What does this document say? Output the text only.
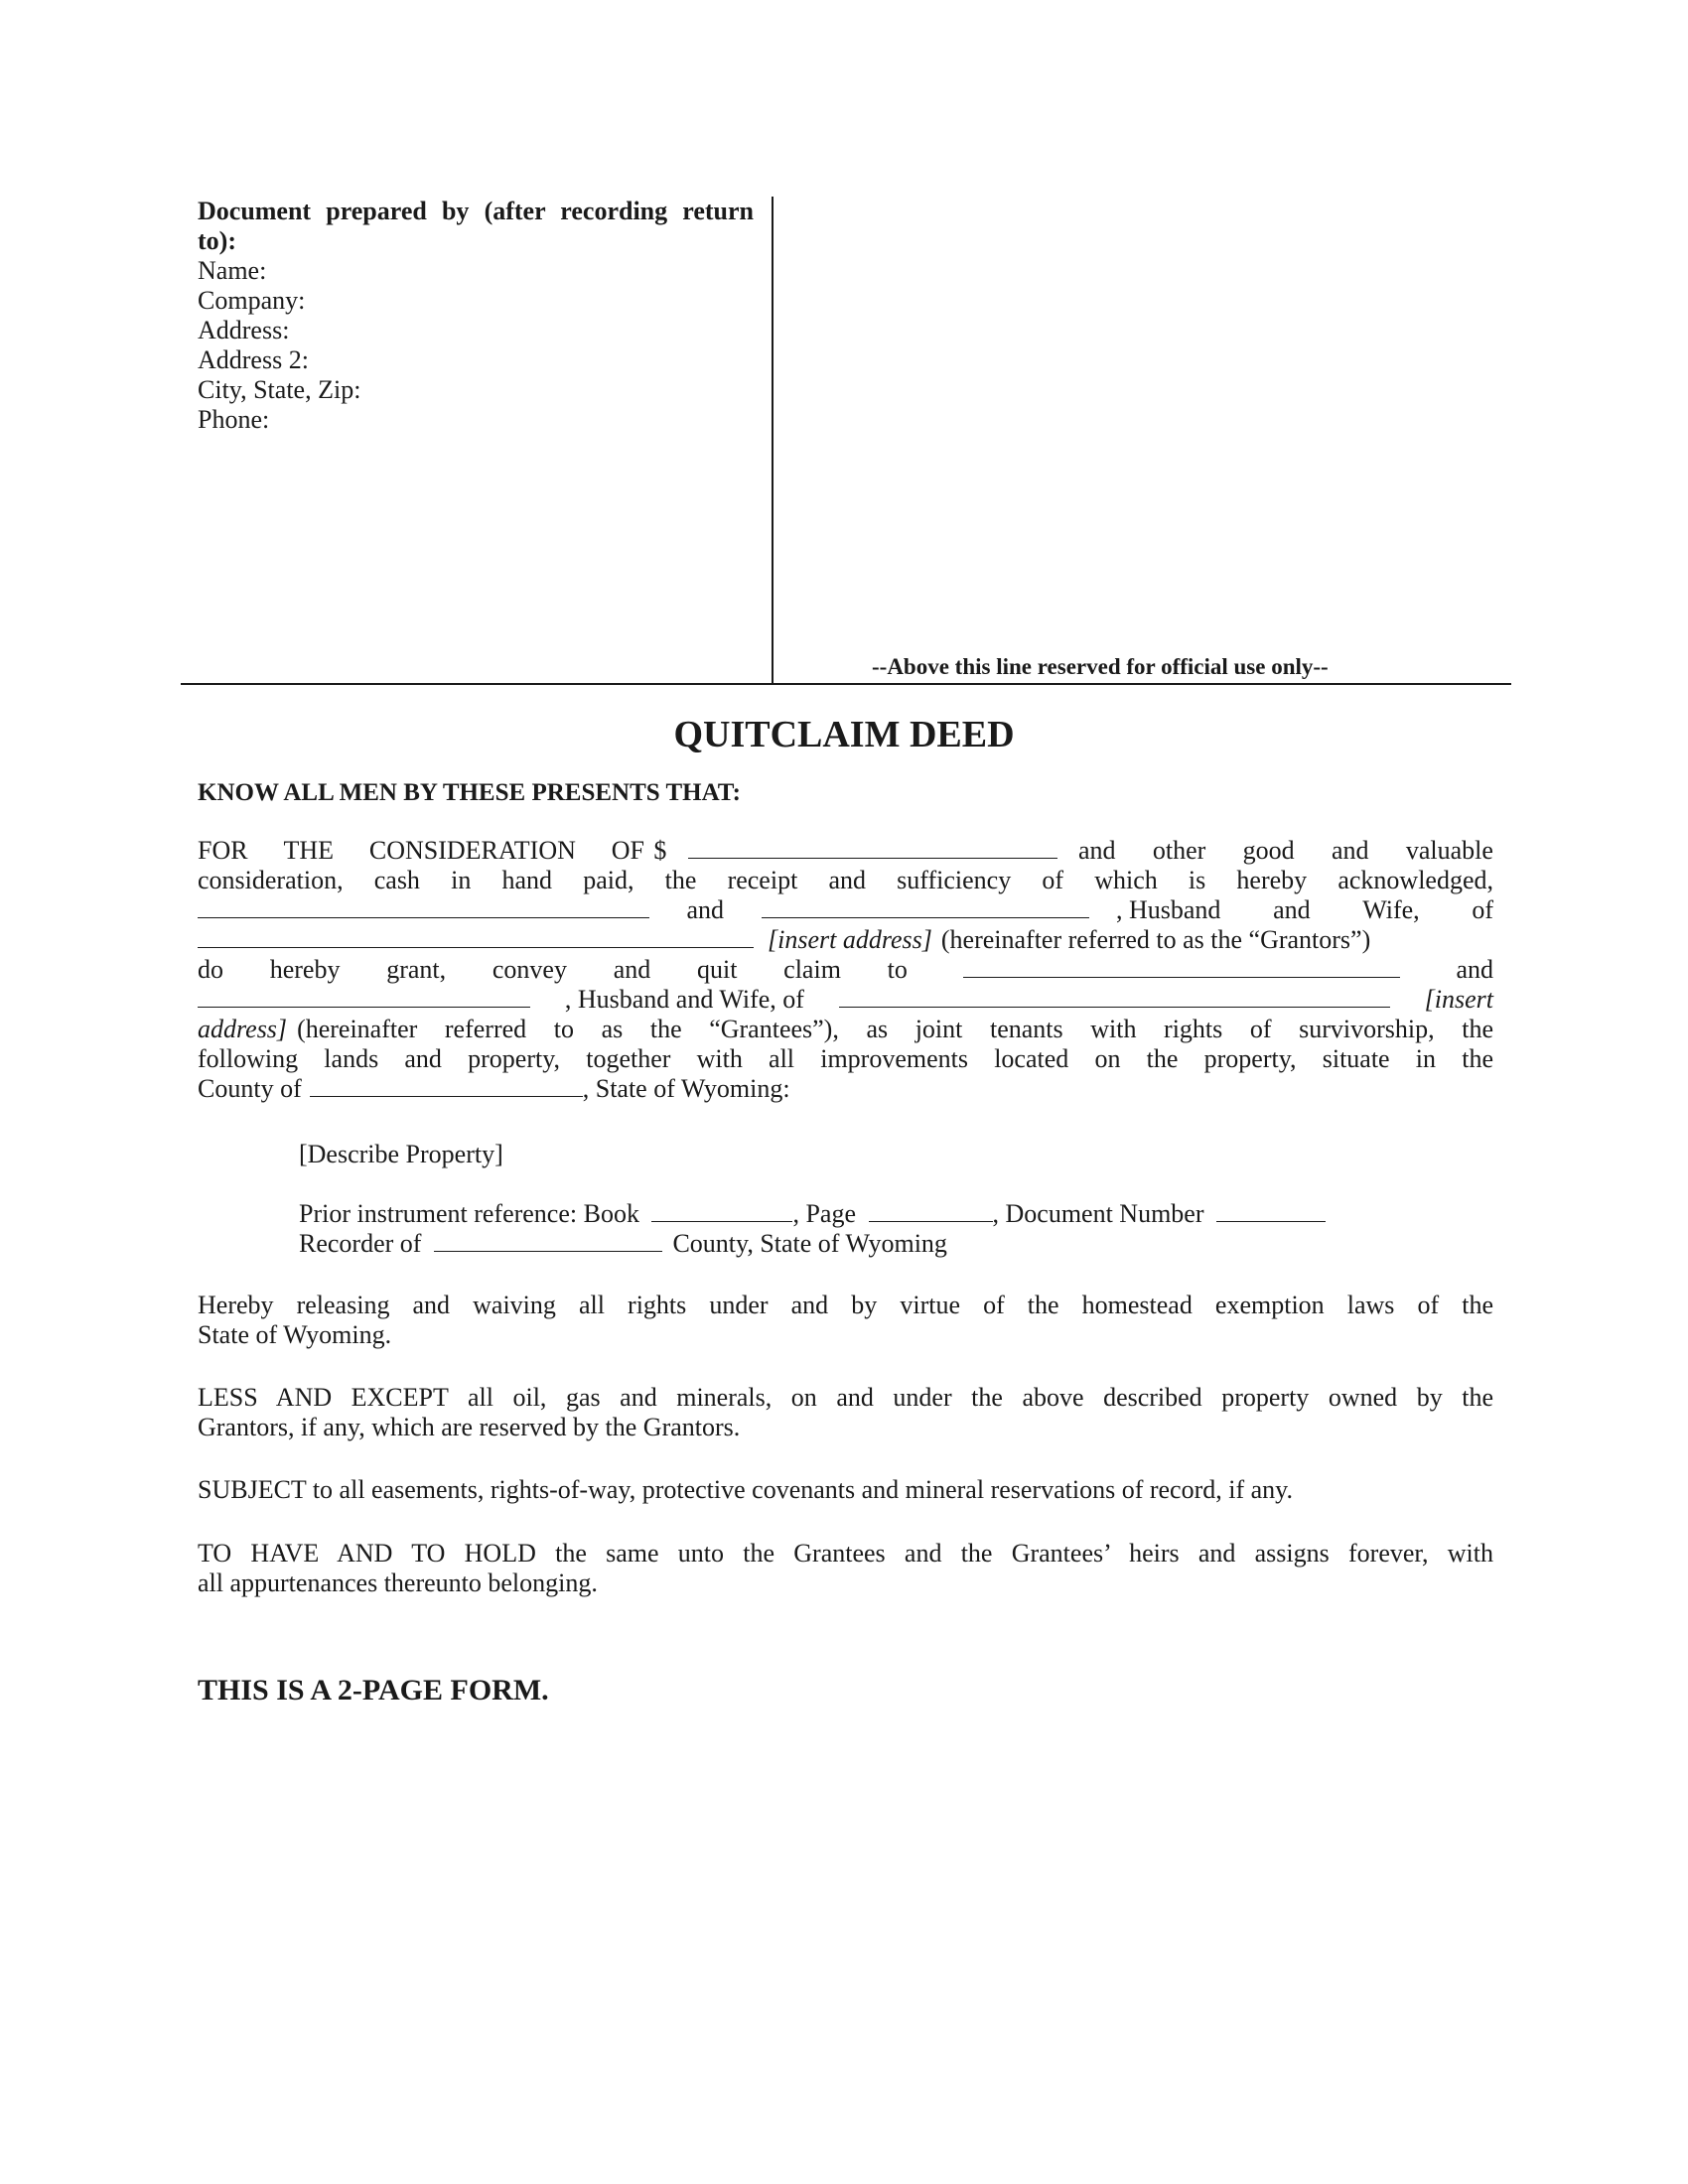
Document prepared by (after recording return to):
Name:
Company:
Address:
Address 2:
City, State, Zip:
Phone:
--Above this line reserved for official use only--
QUITCLAIM DEED
KNOW ALL MEN BY THESE PRESENTS THAT:
FOR THE CONSIDERATION OF $	and other good and valuable
consideration, cash in hand paid, the receipt and sufficiency of which is hereby acknowledged,
and	, Husband and Wife, of
[insert address] (hereinafter referred to as the “Grantors”)
do hereby grant, convey and quit claim to	and
, Husband and Wife, of	[insert
address] (hereinafter referred to as the “Grantees”), as joint tenants with rights of survivorship, the
following lands and property, together with all improvements located on the property, situate in the
County of	, State of Wyoming:
[Describe Property]
Prior instrument reference: Book	, Page	, Document Number
Recorder of	County, State of Wyoming
Hereby releasing and waiving all rights under and by virtue of the homestead exemption laws of the
State of Wyoming.
LESS AND EXCEPT all oil, gas and minerals, on and under the above described property owned by the
Grantors, if any, which are reserved by the Grantors.
SUBJECT to all easements, rights-of-way, protective covenants and mineral reservations of record, if any.
TO HAVE AND TO HOLD the same unto the Grantees and the Grantees’ heirs and assigns forever, with
all appurtenances thereunto belonging.
THIS IS A 2-PAGE FORM.
